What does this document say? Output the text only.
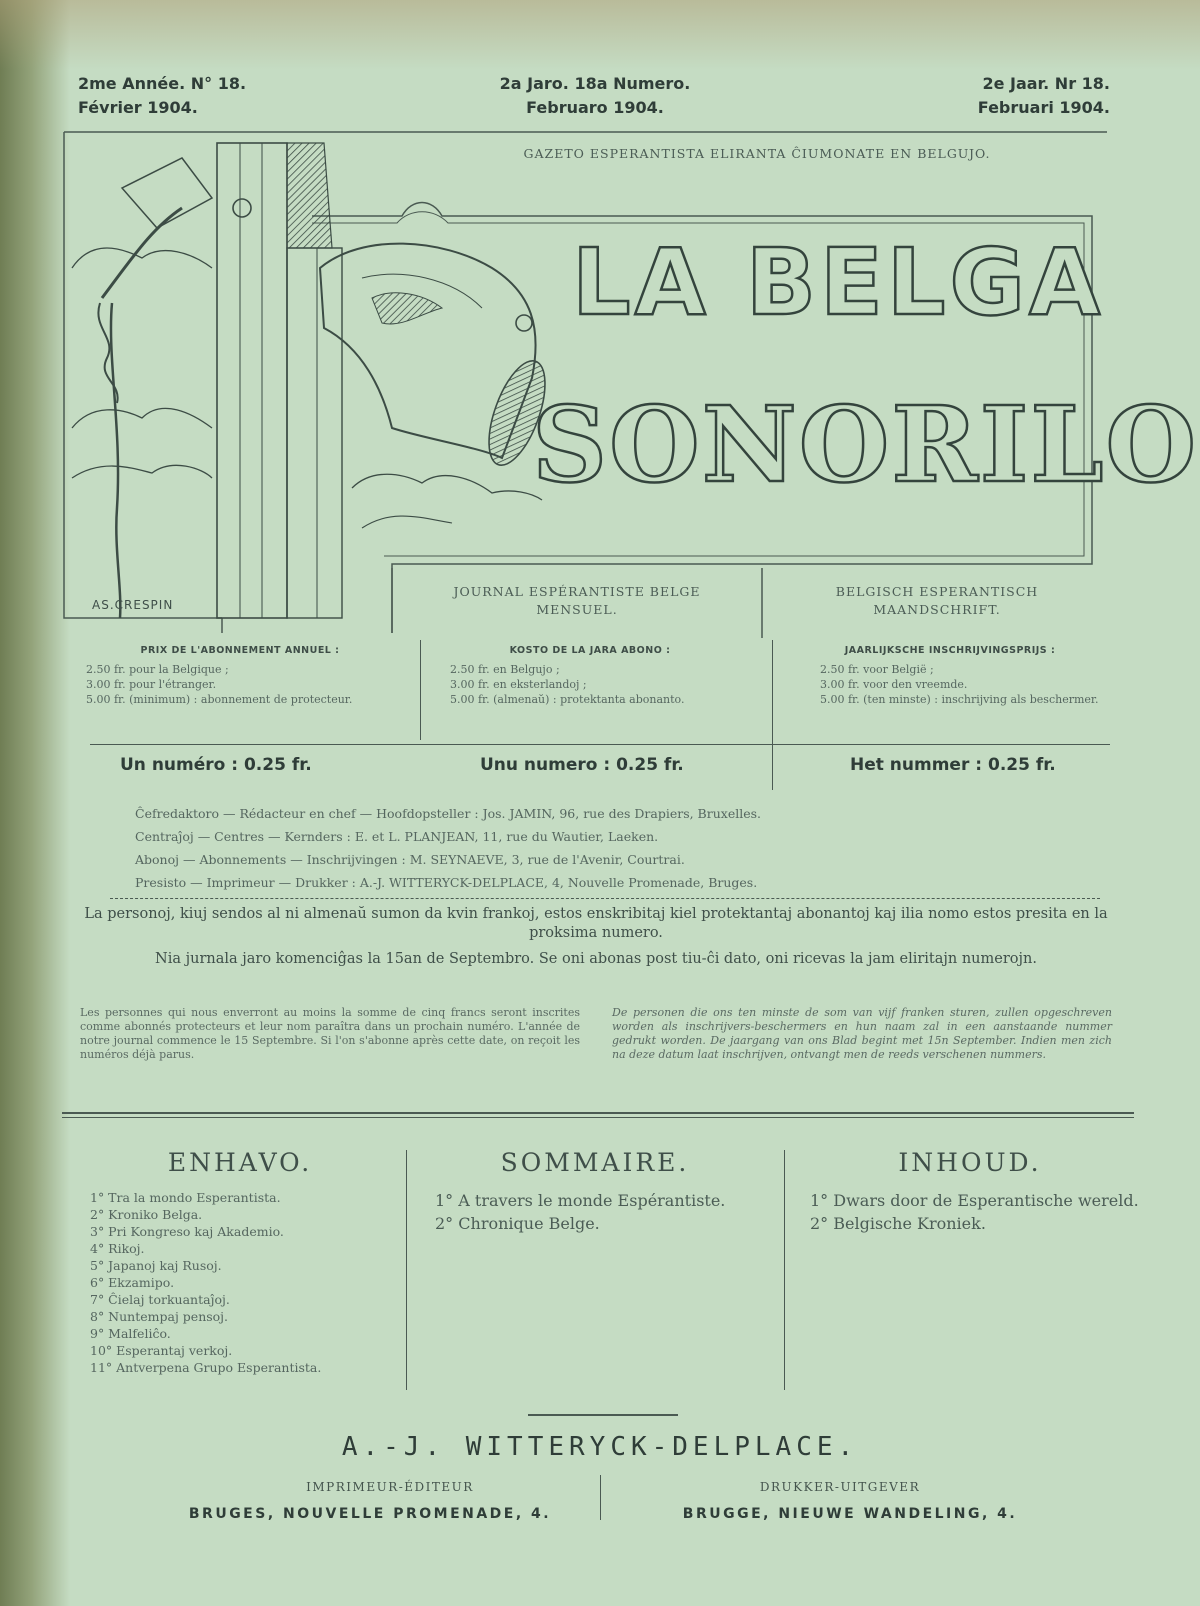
2me Année. N° 18.
Février 1904.
2a Jaro. 18a Numero.
Februaro 1904.
2e Jaar. Nr 18.
Februari 1904.
GAZETO ESPERANTISTA ELIRANTA ĈIUMONATE EN BELGUJO.
LA BELGA
SONORILO
AS.CRESPIN
JOURNAL ESPÉRANTISTE BELGE MENSUEL.
BELGISCH ESPERANTISCH MAANDSCHRIFT.
PRIX DE L'ABONNEMENT ANNUEL :
2.50 fr. pour la Belgique ;
3.00 fr. pour l'étranger.
5.00 fr. (minimum) : abonnement de protecteur.
KOSTO DE LA JARA ABONO :
2.50 fr. en Belgujo ;
3.00 fr. en eksterlandoj ;
5.00 fr. (almenaŭ) : protektanta abonanto.
JAARLIJKSCHE INSCHRIJVINGSPRIJS :
2.50 fr. voor België ;
3.00 fr. voor den vreemde.
5.00 fr. (ten minste) : inschrijving als beschermer.
Un numéro : 0.25 fr.	Unu numero : 0.25 fr.	Het nummer : 0.25 fr.
Ĉefredaktoro — Rédacteur en chef — Hoofdopsteller : Jos. JAMIN, 96, rue des Drapiers, Bruxelles.
Centraĵoj — Centres — Kernders : E. et L. PLANJEAN, 11, rue du Wautier, Laeken.
Abonoj — Abonnements — Inschrijvingen : M. SEYNAEVE, 3, rue de l'Avenir, Courtrai.
Presisto — Imprimeur — Drukker : A.-J. WITTERYCK-DELPLACE, 4, Nouvelle Promenade, Bruges.
La personoj, kiuj sendos al ni almenaŭ sumon da kvin frankoj, estos enskribitaj kiel protektantaj abonantoj kaj ilia nomo estos presita en la proksima numero.
Nia jurnala jaro komenciĝas la 15an de Septembro. Se oni abonas post tiu-ĉi dato, oni ricevas la jam eliritajn numerojn.
Les personnes qui nous enverront au moins la somme de cinq francs seront inscrites comme abonnés protecteurs et leur nom paraîtra dans un prochain numéro. L'année de notre journal commence le 15 Septembre. Si l'on s'abonne après cette date, on reçoit les numéros déjà parus.
De personen die ons ten minste de som van vijf franken sturen, zullen opgeschreven worden als inschrijvers-beschermers en hun naam zal in een aanstaande nummer gedrukt worden. De jaargang van ons Blad begint met 15n September. Indien men zich na deze datum laat inschrijven, ontvangt men de reeds verschenen nummers.
ENHAVO.
1° Tra la mondo Esperantista.
2° Kroniko Belga.
3° Pri Kongreso kaj Akademio.
4° Rikoj.
5° Japanoj kaj Rusoj.
6° Ekzamipo.
7° Ĉielaj torkuantaĵoj.
8° Nuntempaj pensoj.
9° Malfeliĉo.
10° Esperantaj verkoj.
11° Antverpena Grupo Esperantista.
SOMMAIRE.
1° A travers le monde Espérantiste.
2° Chronique Belge.
INHOUD.
1° Dwars door de Esperantische wereld.
2° Belgische Kroniek.
A.-J. WITTERYCK-DELPLACE.
IMPRIMEUR-ÉDITEUR	DRUKKER-UITGEVER
BRUGES, NOUVELLE PROMENADE, 4.	BRUGGE, NIEUWE WANDELING, 4.
